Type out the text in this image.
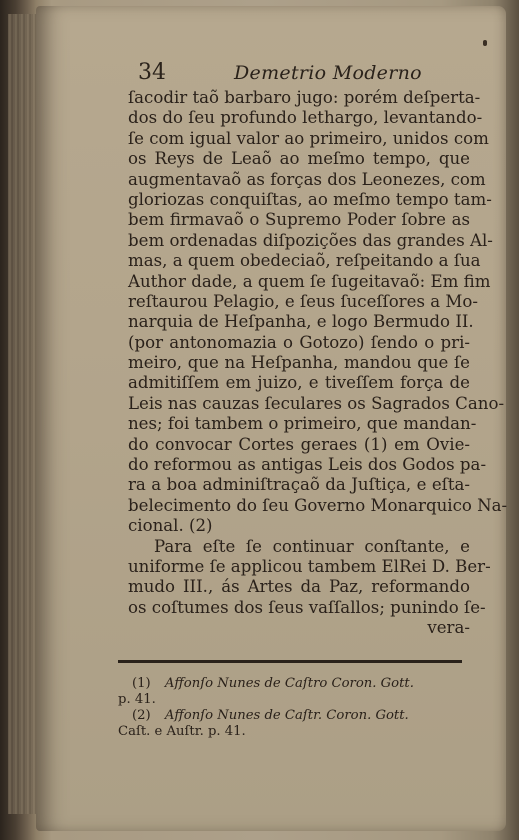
34	Demetrio Moderno
ſacodir taõ barbaro jugo: porém deſperta-
dos do ſeu profundo lethargo, levantando-
ſe com igual valor ao primeiro, unidos com
os Reys de Leaõ ao meſmo tempo, que
augmentavaõ as forças dos Leonezes, com
gloriozas conquiſtas, ao meſmo tempo tam-
bem firmavaõ o Supremo Poder ſobre as
bem ordenadas diſpozições das grandes Al-
mas, a quem obedeciaõ, reſpeitando a ſua
Author dade, a quem ſe ſugeitavaõ: Em fim
reſtaurou Pelagio, e ſeus ſuceſſores a Mo-
narquia de Heſpanha, e logo Bermudo II.
(por antonomazia o Gotozo) ſendo o pri-
meiro, que na Heſpanha, mandou que ſe
admitiſſem em juizo, e tiveſſem força de
Leis nas cauzas ſeculares os Sagrados Cano-
nes; foi tambem o primeiro, que mandan-
do convocar Cortes geraes (1) em Ovie-
do reformou as antigas Leis dos Godos pa-
ra a boa adminiſtraçaõ da Juſtiça, e eſta-
belecimento do ſeu Governo Monarquico Na-
cional. (2)
Para eſte ſe continuar conſtante, e
uniforme ſe applicou tambem ElRei D. Ber-
mudo III., ás Artes da Paz, reformando
os coſtumes dos ſeus vaſſallos; punindo ſe-
vera-
(1) Affonſo Nunes de Caſtro Coron. Gott.
p. 41.
(2) Affonſo Nunes de Caſtr. Coron. Gott.
Caſt. e Auſtr. p. 41.
